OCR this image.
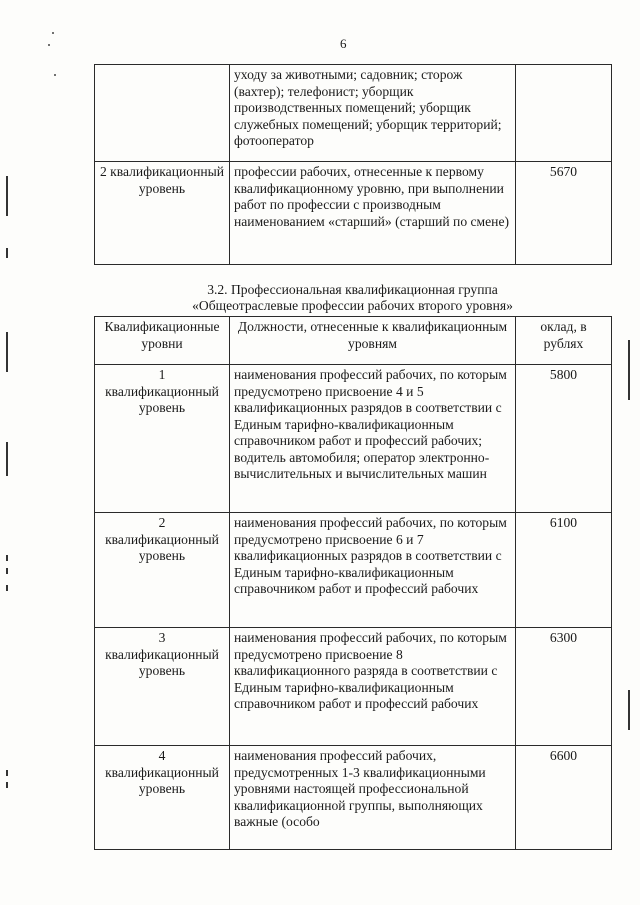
6
	уходу за животными; садовник; сторож (вахтер); телефонист; уборщик производственных помещений; уборщик служебных помещений; уборщик территорий; фотооператор	
2 квалификационный уровень	профессии рабочих, отнесенные к первому квалификационному уровню, при выполнении работ по профессии с производным наименованием «старший» (старший по смене)	5670
3.2. Профессиональная квалификационная группа
«Общеотраслевые профессии рабочих второго уровня»
Квалификационные уровни	Должности, отнесенные к квалификационным уровням	оклад, в рублях

1
квалификационный уровень	наименования профессий рабочих, по которым предусмотрено присвоение 4 и 5 квалификационных разрядов в соответствии с Единым тарифно-квалификационным справочником работ и профессий рабочих; водитель автомобиля; оператор электронно-вычислительных и вычислительных машин	5800

2
квалификационный уровень	наименования профессий рабочих, по которым предусмотрено присвоение 6 и 7 квалификационных разрядов в соответствии с Единым тарифно-квалификационным справочником работ и профессий рабочих	6100

3
квалификационный уровень	наименования профессий рабочих, по которым предусмотрено присвоение 8 квалификационного разряда в соответствии с Единым тарифно-квалификационным справочником работ и профессий рабочих	6300

4
квалификационный уровень	наименования профессий рабочих, предусмотренных 1-3 квалификационными уровнями настоящей профессиональной квалификационной группы, выполняющих важные (особо	6600
